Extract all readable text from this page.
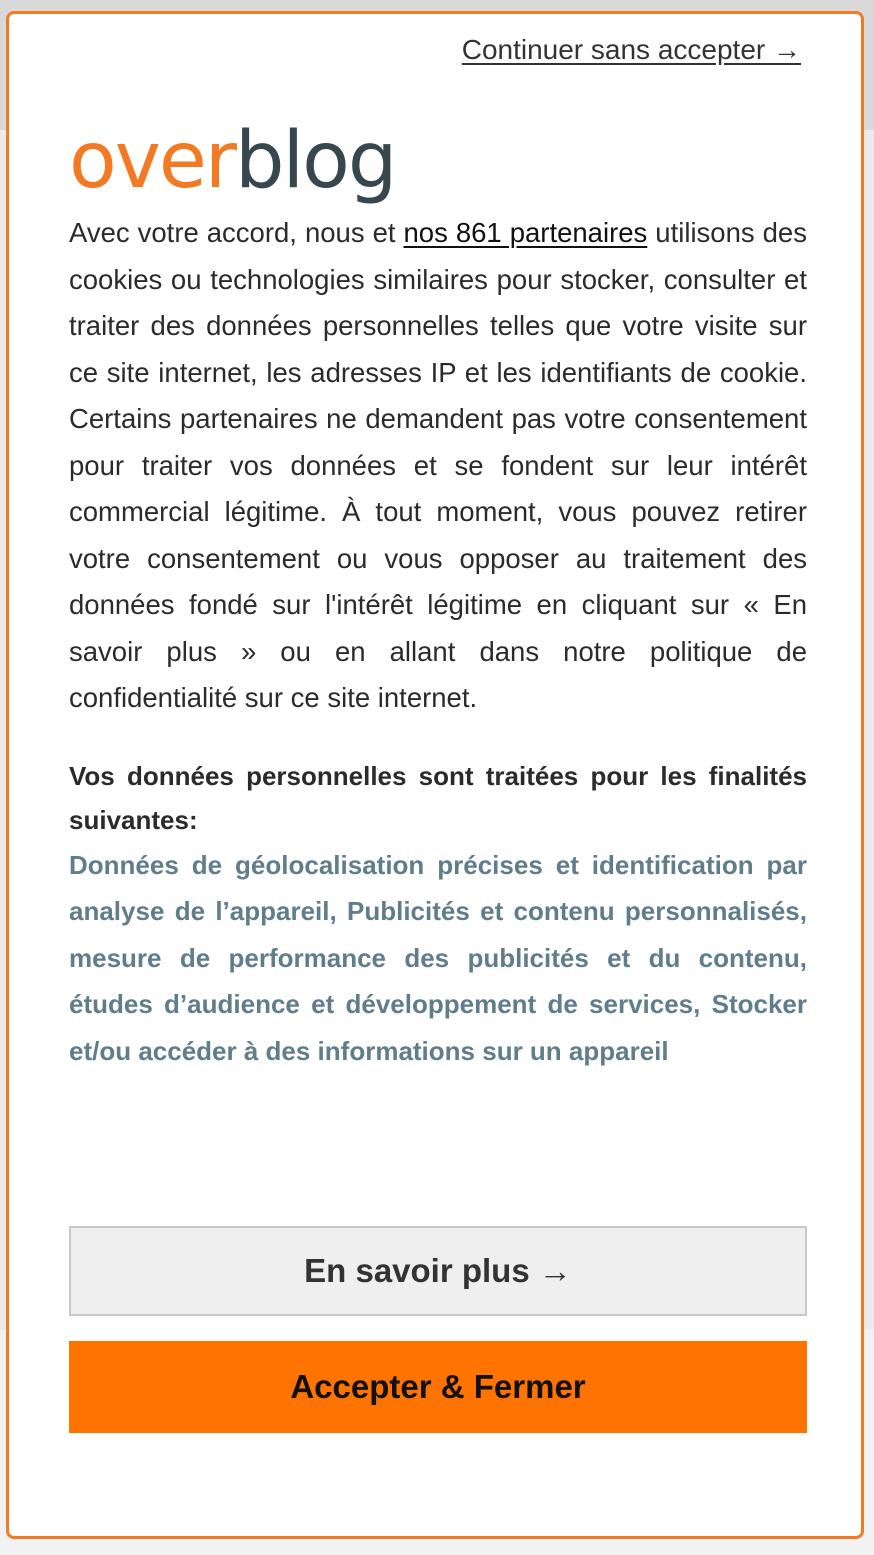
Continuer sans accepter →
overblog

Avec votre accord, nous et nos 861 partenaires utilisons des cookies ou technologies similaires pour stocker, consulter et traiter des données personnelles telles que votre visite sur ce site internet, les adresses IP et les identifiants de cookie. Certains partenaires ne demandent pas votre consentement pour traiter vos données et se fondent sur leur intérêt commercial légitime. À tout moment, vous pouvez retirer votre consentement ou vous opposer au traitement des données fondé sur l'intérêt légitime en cliquant sur « En savoir plus » ou en allant dans notre politique de confidentialité sur ce site internet.

Vos données personnelles sont traitées pour les finalités suivantes:

Données de géolocalisation précises et identification par analyse de l’appareil, Publicités et contenu personnalisés, mesure de performance des publicités et du contenu, études d’audience et développement de services, Stocker et/ou accéder à des informations sur un appareil

En savoir plus →
Accepter & Fermer
